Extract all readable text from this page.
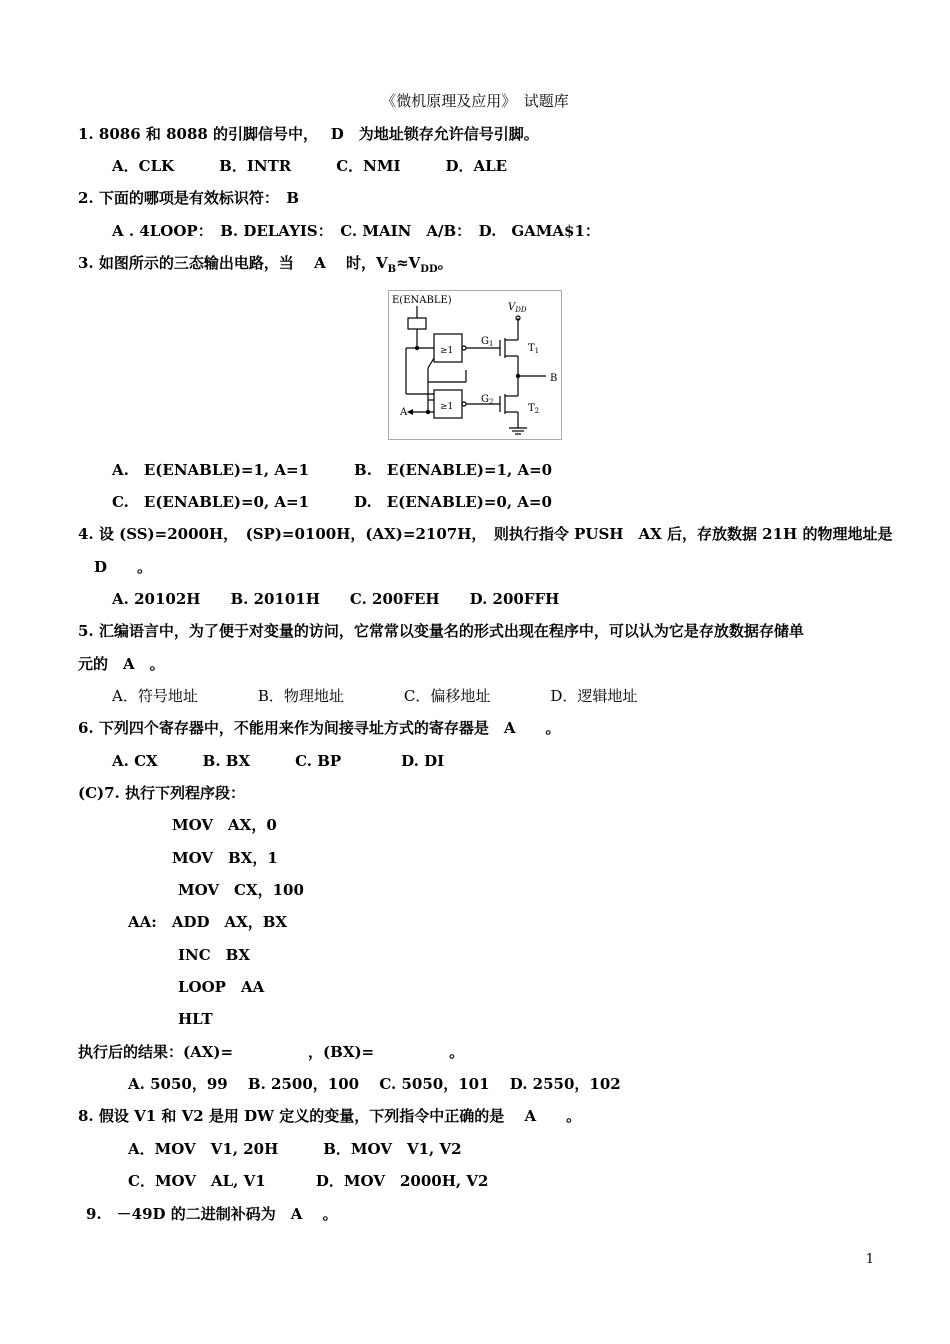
《微机原理及应用》　试题库
1. 8086 和 8088 的引脚信号中，　 D　为地址锁存允许信号引脚。
A．CLK　　　B．INTR　　　C．NMI　　　D．ALE
2. 下面的哪项是有效标识符：　B
A . 4LOOP：　B. DELAYIS：　C. MAIN　A/B：　D.　GAMA$1：
3. 如图所示的三态输出电路，当　 A　 时，$V_B\approx V_{DD}$。
E(ENABLE)
$V_{DD}$
$G_1$
$G_2$
$T_1$
$T_2$
B
A
≥1
≥1
A.　E(ENABLE)=1, A=1　　　B.　E(ENABLE)=1, A=0
C.　E(ENABLE)=0, A=1　　　D.　E(ENABLE)=0, A=0
4. 设 (SS)=2000H，　(SP)=0100H，(AX)=2107H，　则执行指令 PUSH　AX 后，存放数据 21H 的物理地址是
D　　。
A. 20102H　　B. 20101H　　C. 200FEH　　D. 200FFH
5. 汇编语言中，为了便于对变量的访问，它常常以变量名的形式出现在程序中，可以认为它是存放数据存储单
元的　A　。
A．符号地址　　　　B．物理地址　　　　C．偏移地址　　　　D．逻辑地址
6. 下列四个寄存器中，不能用来作为间接寻址方式的寄存器是　A　　。
A. CX　　　B. BX　　　C. BP　　　　D. DI
(C)7. 执行下列程序段：
MOV　AX，0
MOV　BX，1
MOV　CX，100
AA:　ADD　AX，BX
INC　BX
LOOP　AA
HLT
执行后的结果：(AX)=　　　　　，(BX)=　　　　　。
A. 5050，99　 B. 2500，100　 C. 5050，101　 D. 2550，102
8. 假设 V1 和 V2 是用 DW 定义的变量，下列指令中正确的是　 A　　。
A．MOV　V1, 20H　　　B．MOV　V1, V2
C．MOV　AL, V1　　　 D．MOV　2000H, V2
9.　－49D 的二进制补码为　A　 。
1
